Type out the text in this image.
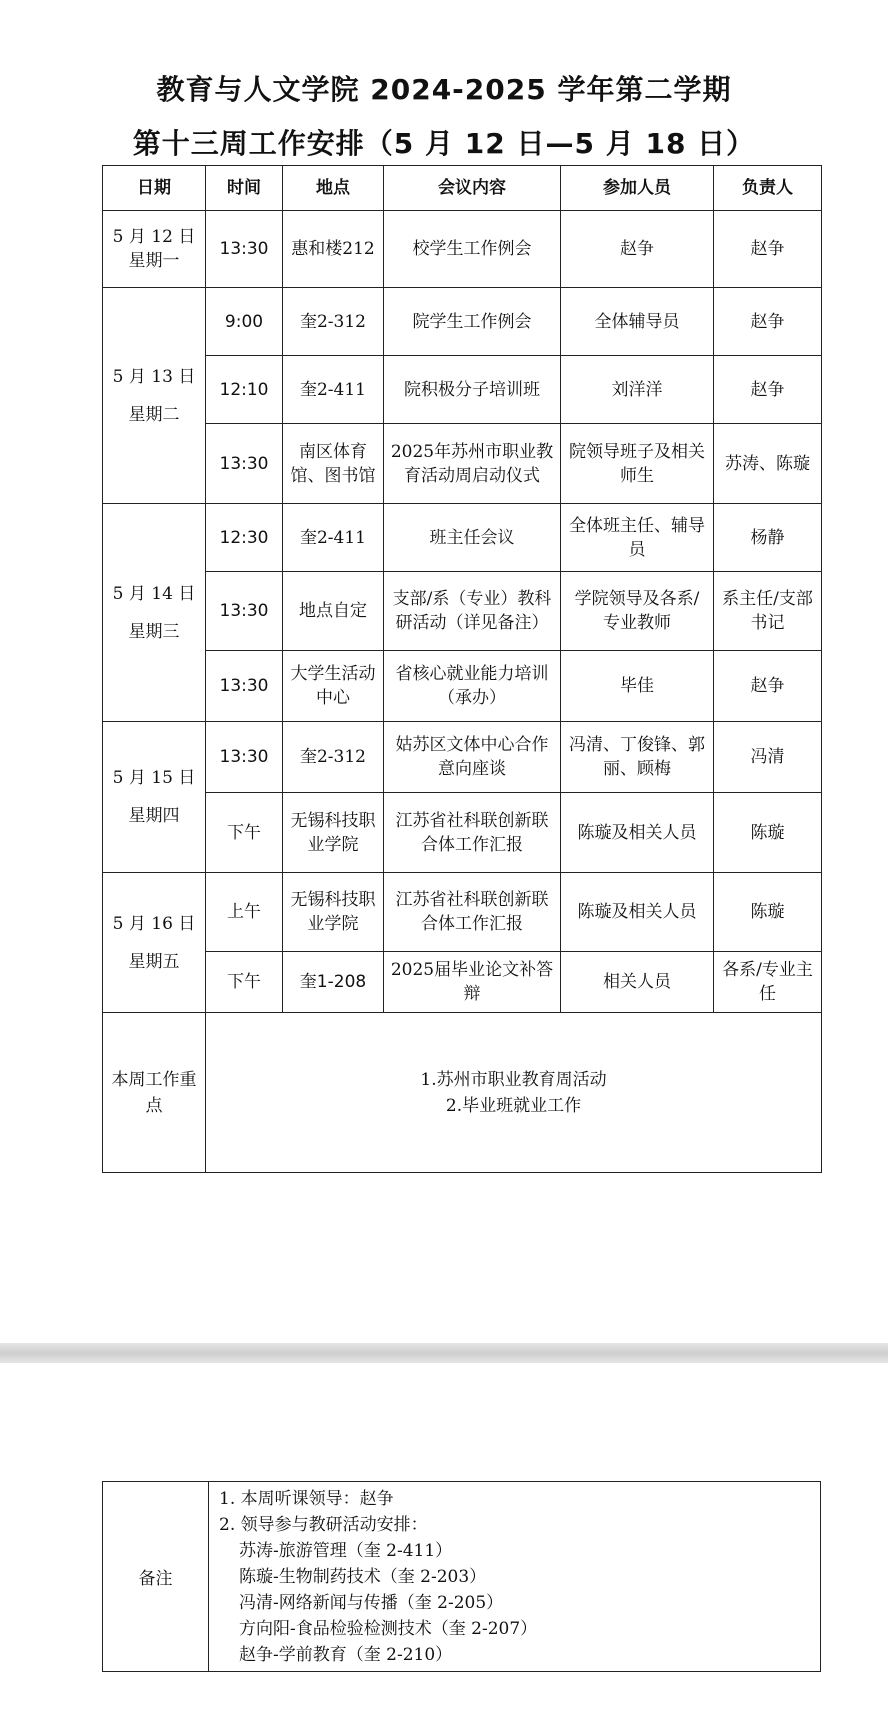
教育与人文学院 2024-2025 学年第二学期
第十三周工作安排（5 月 12 日—5 月 18 日）
日期	时间	地点	会议内容	参加人员	负责人

5 月 12 日
星期一	13:30	惠和楼212	校学生工作例会	赵争	赵争

5 月 13 日
星期二	9:00	奎2-312	院学生工作例会	全体辅导员	赵争
	12:10	奎2-411	院积极分子培训班	刘洋洋	赵争
	13:30	南区体育馆、图书馆	2025年苏州市职业教育活动周启动仪式	院领导班子及相关师生	苏涛、陈璇

5 月 14 日
星期三	12:30	奎2-411	班主任会议	全体班主任、辅导员	杨静
	13:30	地点自定	支部/系（专业）教科研活动（详见备注）	学院领导及各系/专业教师	系主任/支部书记
	13:30	大学生活动中心	省核心就业能力培训（承办）	毕佳	赵争

5 月 15 日
星期四	13:30	奎2-312	姑苏区文体中心合作意向座谈	冯清、丁俊锋、郭丽、顾梅	冯清
	下午	无锡科技职业学院	江苏省社科联创新联合体工作汇报	陈璇及相关人员	陈璇

5 月 16 日
星期五	上午	无锡科技职业学院	江苏省社科联创新联合体工作汇报	陈璇及相关人员	陈璇
	下午	奎1-208	2025届毕业论文补答辩	相关人员	各系/专业主任
本周工作重点	1.苏州市职业教育周活动
2.毕业班就业工作				
备注	
1. 本周听课领导：赵争
2. 领导参与教研活动安排：
苏涛-旅游管理（奎 2-411）
陈璇-生物制药技术（奎 2-203）
冯清-网络新闻与传播（奎 2-205）
方向阳-食品检验检测技术（奎 2-207）
赵争-学前教育（奎 2-210）
